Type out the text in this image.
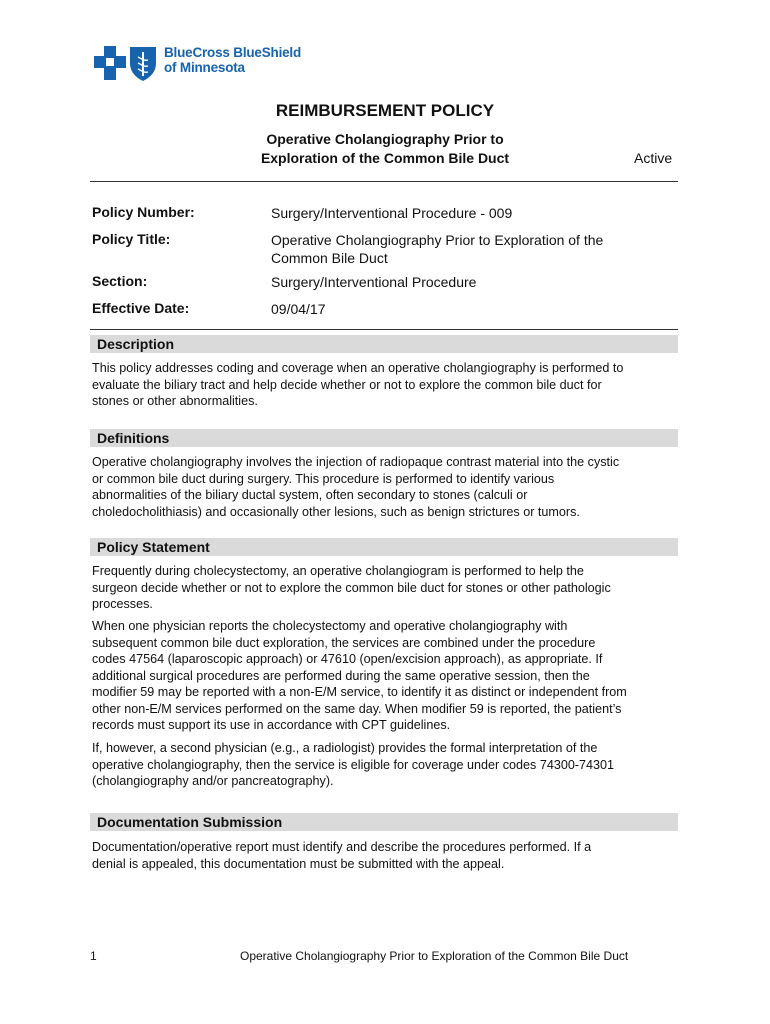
BlueCross BlueShield
of Minnesota
REIMBURSEMENT POLICY
Operative Cholangiography Prior to
Exploration of the Common Bile Duct	Active
Policy Number:	Surgery/Interventional Procedure - 009
Policy Title:	Operative Cholangiography Prior to Exploration of the
Common Bile Duct
Section:	Surgery/Interventional Procedure
Effective Date:	09/04/17
Description
This policy addresses coding and coverage when an operative cholangiography is performed to
evaluate the biliary tract and help decide whether or not to explore the common bile duct for
stones or other abnormalities.
Definitions
Operative cholangiography involves the injection of radiopaque contrast material into the cystic
or common bile duct during surgery. This procedure is performed to identify various
abnormalities of the biliary ductal system, often secondary to stones (calculi or
choledocholithiasis) and occasionally other lesions, such as benign strictures or tumors.
Policy Statement
Frequently during cholecystectomy, an operative cholangiogram is performed to help the
surgeon decide whether or not to explore the common bile duct for stones or other pathologic
processes.
When one physician reports the cholecystectomy and operative cholangiography with
subsequent common bile duct exploration, the services are combined under the procedure
codes 47564 (laparoscopic approach) or 47610 (open/excision approach), as appropriate. If
additional surgical procedures are performed during the same operative session, then the
modifier 59 may be reported with a non-E/M service, to identify it as distinct or independent from
other non-E/M services performed on the same day. When modifier 59 is reported, the patient’s
records must support its use in accordance with CPT guidelines.
If, however, a second physician (e.g., a radiologist) provides the formal interpretation of the
operative cholangiography, then the service is eligible for coverage under codes 74300-74301
(cholangiography and/or pancreatography).
Documentation Submission
Documentation/operative report must identify and describe the procedures performed. If a
denial is appealed, this documentation must be submitted with the appeal.
1	Operative Cholangiography Prior to Exploration of the Common Bile Duct
